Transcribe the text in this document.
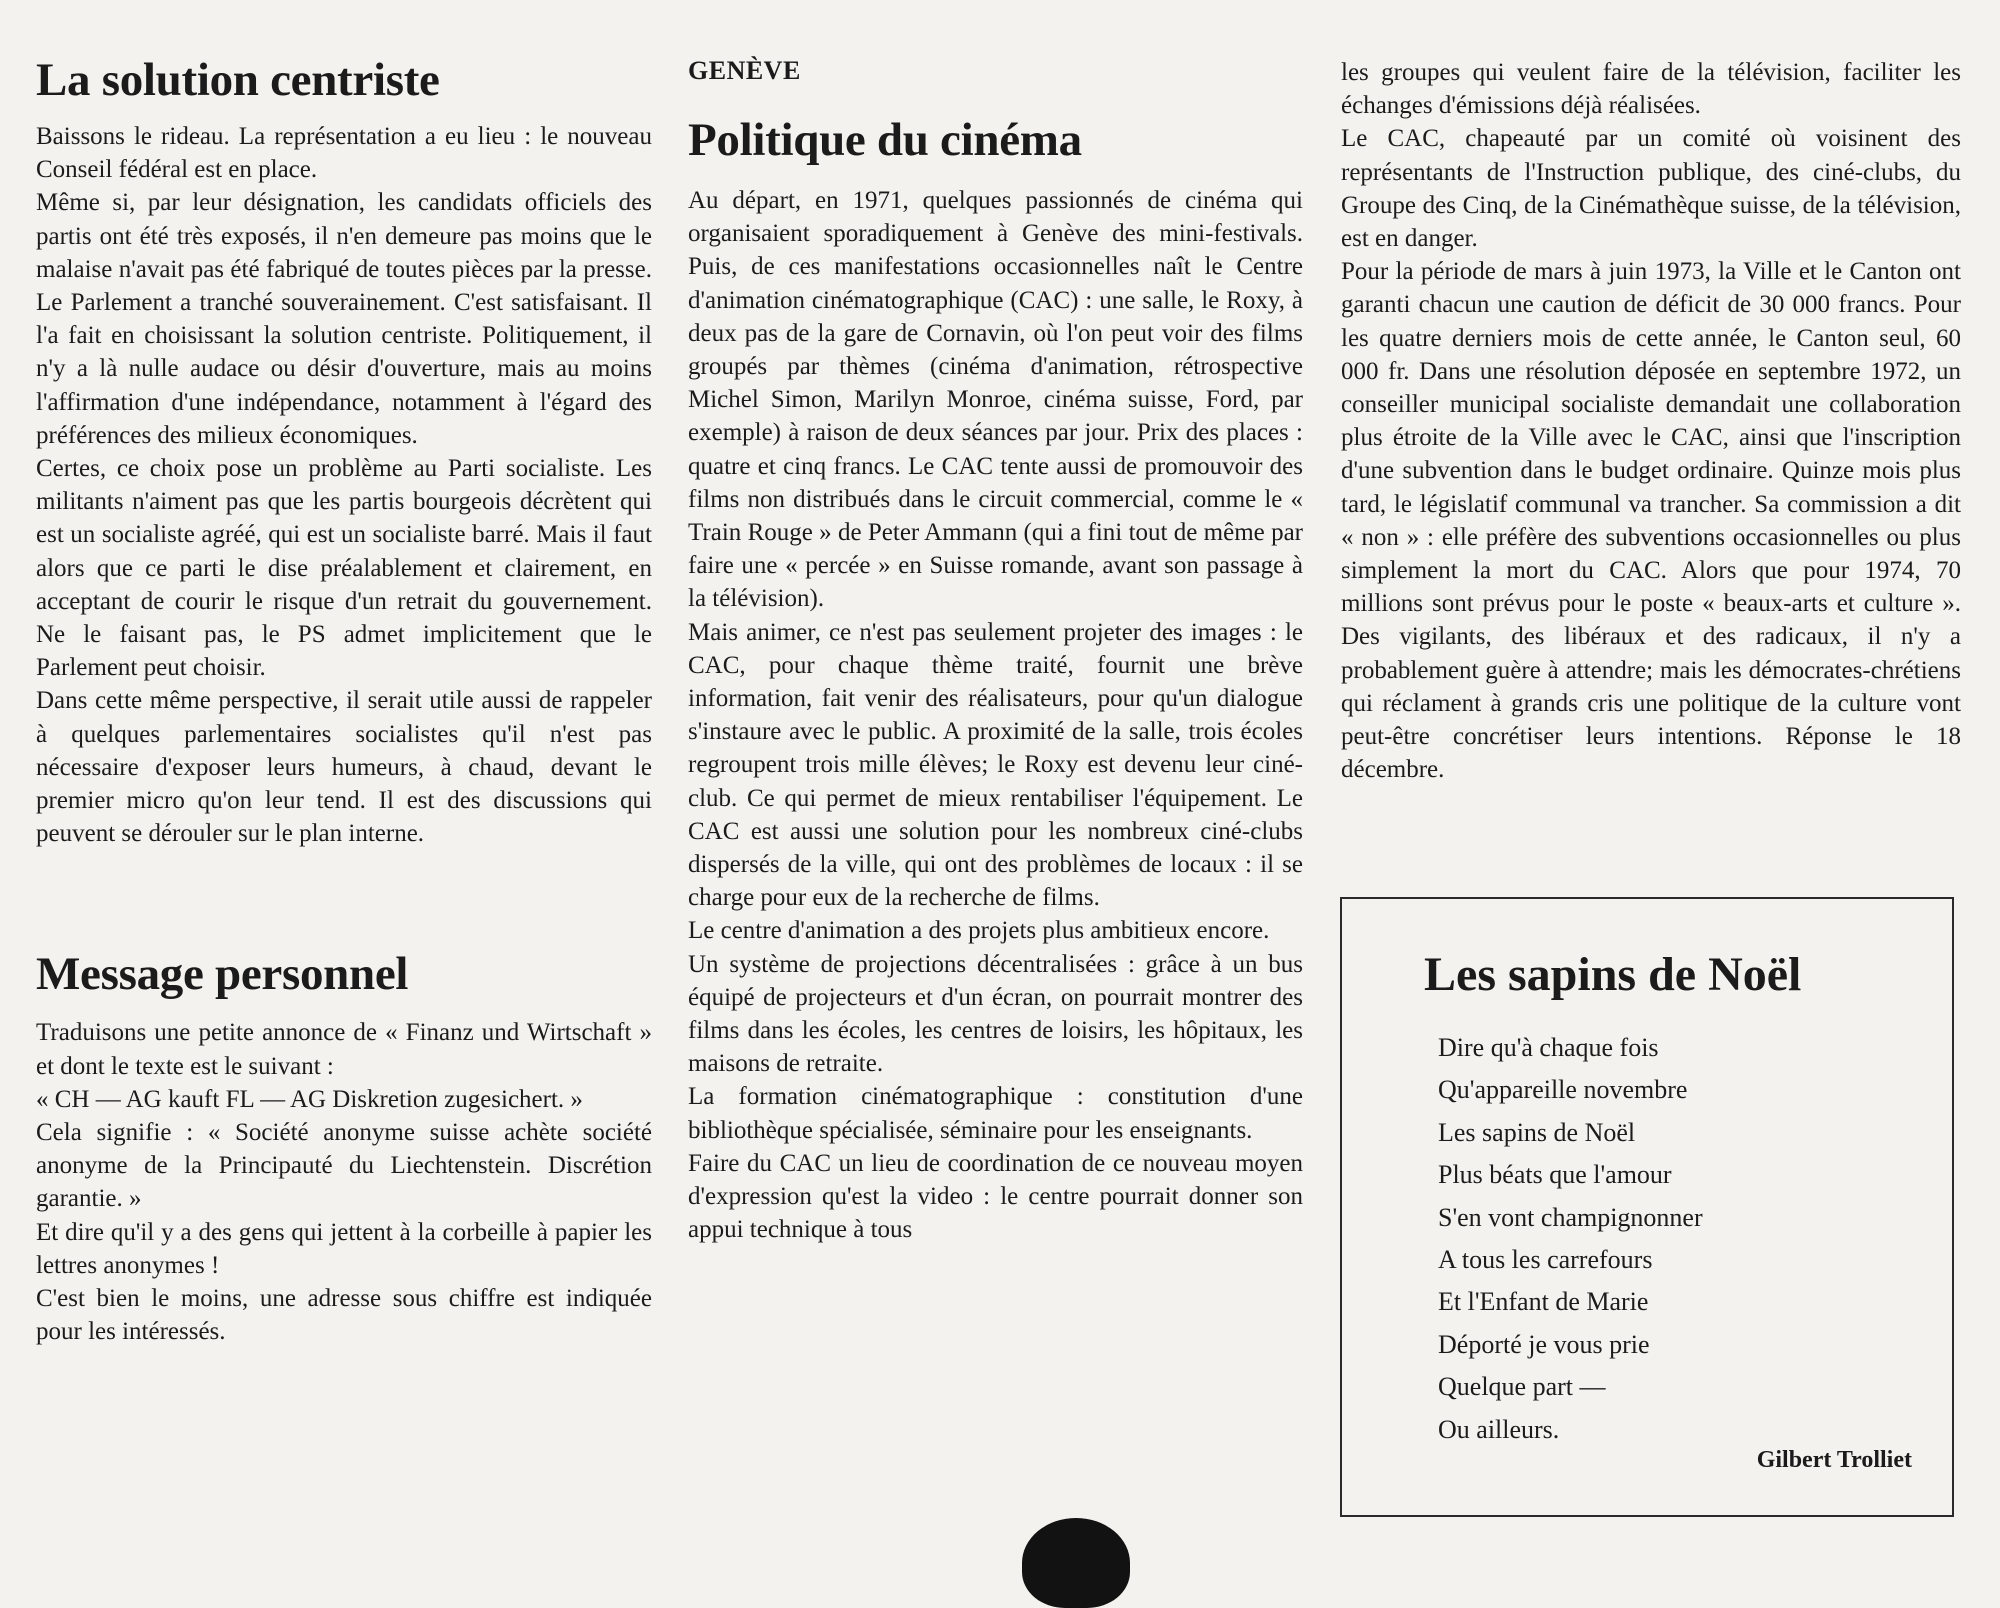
La solution centriste

Baissons le rideau. La représentation a eu lieu : le nouveau Conseil fédéral est en place.

Même si, par leur désignation, les candidats officiels des partis ont été très exposés, il n'en demeure pas moins que le malaise n'avait pas été fabriqué de toutes pièces par la presse. Le Parlement a tranché souverainement. C'est satisfaisant. Il l'a fait en choisissant la solution centriste. Politiquement, il n'y a là nulle audace ou désir d'ouverture, mais au moins l'affirmation d'une indépendance, notamment à l'égard des préférences des milieux économiques.

Certes, ce choix pose un problème au Parti socialiste. Les militants n'aiment pas que les partis bourgeois décrètent qui est un socialiste agréé, qui est un socialiste barré. Mais il faut alors que ce parti le dise préalablement et clairement, en acceptant de courir le risque d'un retrait du gouvernement. Ne le faisant pas, le PS admet implicitement que le Parlement peut choisir.

Dans cette même perspective, il serait utile aussi de rappeler à quelques parlementaires socialistes qu'il n'est pas nécessaire d'exposer leurs humeurs, à chaud, devant le premier micro qu'on leur tend. Il est des discussions qui peuvent se dérouler sur le plan interne.

Message personnel

Traduisons une petite annonce de « Finanz und Wirtschaft » et dont le texte est le suivant :

« CH — AG kauft FL — AG Diskretion zugesichert. »

Cela signifie : « Société anonyme suisse achète société anonyme de la Principauté du Liechtenstein. Discrétion garantie. »

Et dire qu'il y a des gens qui jettent à la corbeille à papier les lettres anonymes !

C'est bien le moins, une adresse sous chiffre est indiquée pour les intéressés.

GENÈVE
Politique du cinéma

Au départ, en 1971, quelques passionnés de cinéma qui organisaient sporadiquement à Genève des mini-festivals. Puis, de ces manifestations occasionnelles naît le Centre d'animation cinématographique (CAC) : une salle, le Roxy, à deux pas de la gare de Cornavin, où l'on peut voir des films groupés par thèmes (cinéma d'animation, rétrospective Michel Simon, Marilyn Monroe, cinéma suisse, Ford, par exemple) à raison de deux séances par jour. Prix des places : quatre et cinq francs. Le CAC tente aussi de promouvoir des films non distribués dans le circuit commercial, comme le « Train Rouge » de Peter Ammann (qui a fini tout de même par faire une « percée » en Suisse romande, avant son passage à la télévision).

Mais animer, ce n'est pas seulement projeter des images : le CAC, pour chaque thème traité, fournit une brève information, fait venir des réalisateurs, pour qu'un dialogue s'instaure avec le public. A proximité de la salle, trois écoles regroupent trois mille élèves; le Roxy est devenu leur ciné-club. Ce qui permet de mieux rentabiliser l'équipement. Le CAC est aussi une solution pour les nombreux ciné-clubs dispersés de la ville, qui ont des problèmes de locaux : il se charge pour eux de la recherche de films.

Le centre d'animation a des projets plus ambitieux encore.

Un système de projections décentralisées : grâce à un bus équipé de projecteurs et d'un écran, on pourrait montrer des films dans les écoles, les centres de loisirs, les hôpitaux, les maisons de retraite.

La formation cinématographique : constitution d'une bibliothèque spécialisée, séminaire pour les enseignants.

Faire du CAC un lieu de coordination de ce nouveau moyen d'expression qu'est la video : le centre pourrait donner son appui technique à tous

les groupes qui veulent faire de la télévision, faciliter les échanges d'émissions déjà réalisées.

Le CAC, chapeauté par un comité où voisinent des représentants de l'Instruction publique, des ciné-clubs, du Groupe des Cinq, de la Cinémathèque suisse, de la télévision, est en danger.

Pour la période de mars à juin 1973, la Ville et le Canton ont garanti chacun une caution de déficit de 30 000 francs. Pour les quatre derniers mois de cette année, le Canton seul, 60 000 fr. Dans une résolution déposée en septembre 1972, un conseiller municipal socialiste demandait une collaboration plus étroite de la Ville avec le CAC, ainsi que l'inscription d'une subvention dans le budget ordinaire. Quinze mois plus tard, le législatif communal va trancher. Sa commission a dit « non » : elle préfère des subventions occasionnelles ou plus simplement la mort du CAC. Alors que pour 1974, 70 millions sont prévus pour le poste « beaux-arts et culture ». Des vigilants, des libéraux et des radicaux, il n'y a probablement guère à attendre; mais les démocrates-chrétiens qui réclament à grands cris une politique de la culture vont peut-être concrétiser leurs intentions. Réponse le 18 décembre.

Les sapins de Noël
Dire qu'à chaque fois
Qu'appareille novembre
Les sapins de Noël
Plus béats que l'amour
S'en vont champignonner
A tous les carrefours
Et l'Enfant de Marie
Déporté je vous prie
Quelque part —
Ou ailleurs.
Gilbert Trolliet
